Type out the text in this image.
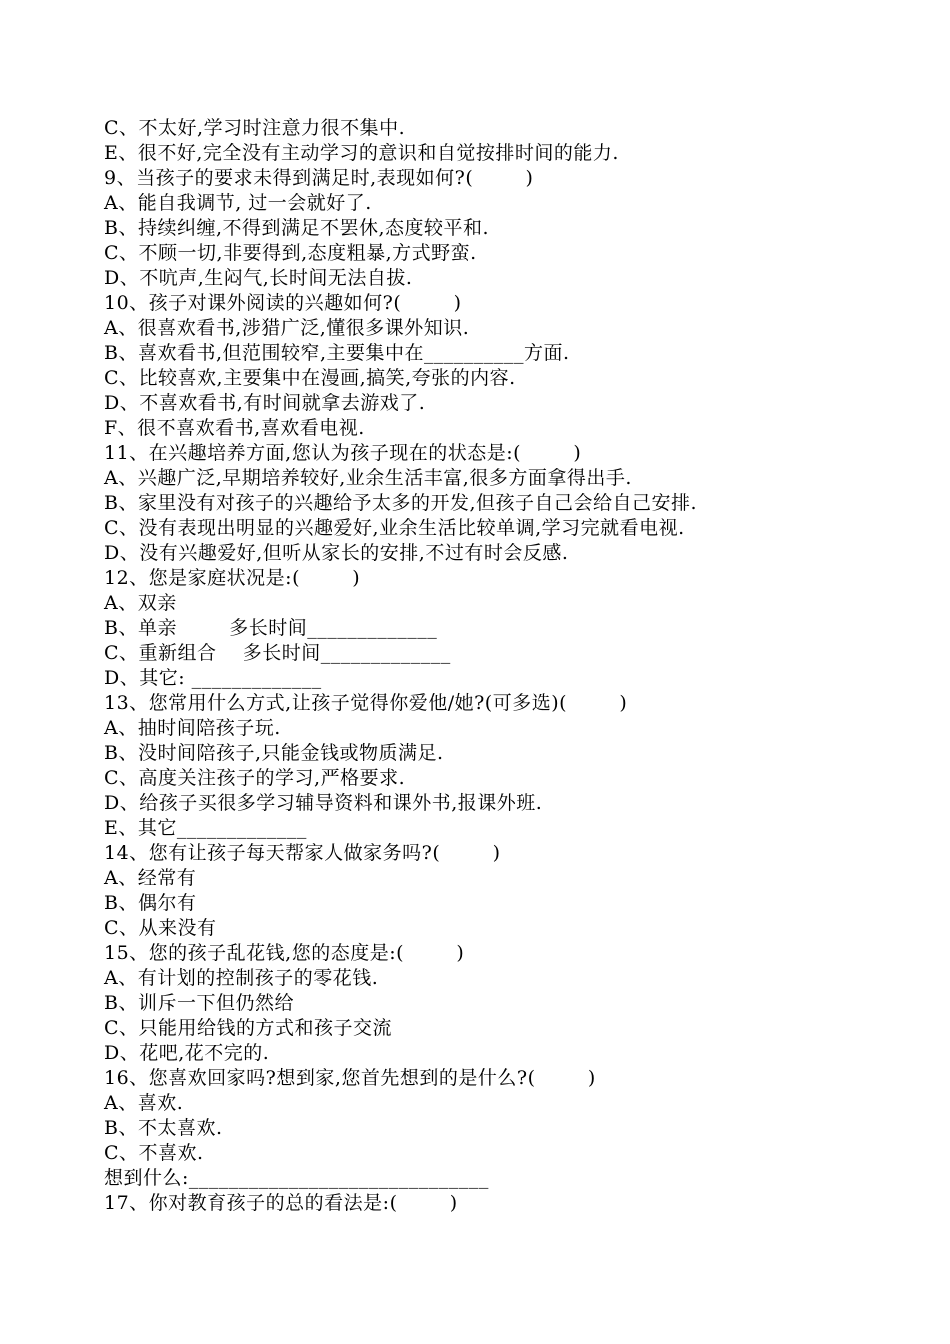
C、不太好,学习时注意力很不集中.
E、很不好,完全没有主动学习的意识和自觉按排时间的能力.
9、当孩子的要求未得到满足时,表现如何?(        )
A、能自我调节, 过一会就好了.
B、持续纠缠,不得到满足不罢休,态度较平和.
C、不顾一切,非要得到,态度粗暴,方式野蛮.
D、不吭声,生闷气,长时间无法自拔.
10、孩子对课外阅读的兴趣如何?(        )
A、很喜欢看书,涉猎广泛,懂很多课外知识.
B、喜欢看书,但范围较窄,主要集中在__________方面.
C、比较喜欢,主要集中在漫画,搞笑,夸张的内容.
D、不喜欢看书,有时间就拿去游戏了.
F、很不喜欢看书,喜欢看电视.
11、在兴趣培养方面,您认为孩子现在的状态是:(        )
A、兴趣广泛,早期培养较好,业余生活丰富,很多方面拿得出手.
B、家里没有对孩子的兴趣给予太多的开发,但孩子自己会给自己安排.
C、没有表现出明显的兴趣爱好,业余生活比较单调,学习完就看电视.
D、没有兴趣爱好,但听从家长的安排,不过有时会反感.
12、您是家庭状况是:(        )
A、双亲
B、单亲        多长时间_____________
C、重新组合    多长时间_____________
D、其它: _____________
13、您常用什么方式,让孩子觉得你爱他/她?(可多选)(        )
A、抽时间陪孩子玩.
B、没时间陪孩子,只能金钱或物质满足.
C、高度关注孩子的学习,严格要求.
D、给孩子买很多学习辅导资料和课外书,报课外班.
E、其它_____________
14、您有让孩子每天帮家人做家务吗?(        )
A、经常有
B、偶尔有
C、从来没有
15、您的孩子乱花钱,您的态度是:(        )
A、有计划的控制孩子的零花钱.
B、训斥一下但仍然给
C、只能用给钱的方式和孩子交流
D、花吧,花不完的.
16、您喜欢回家吗?想到家,您首先想到的是什么?(        )
A、喜欢.
B、不太喜欢.
C、不喜欢.
想到什么:______________________________
17、你对教育孩子的总的看法是:(        )
